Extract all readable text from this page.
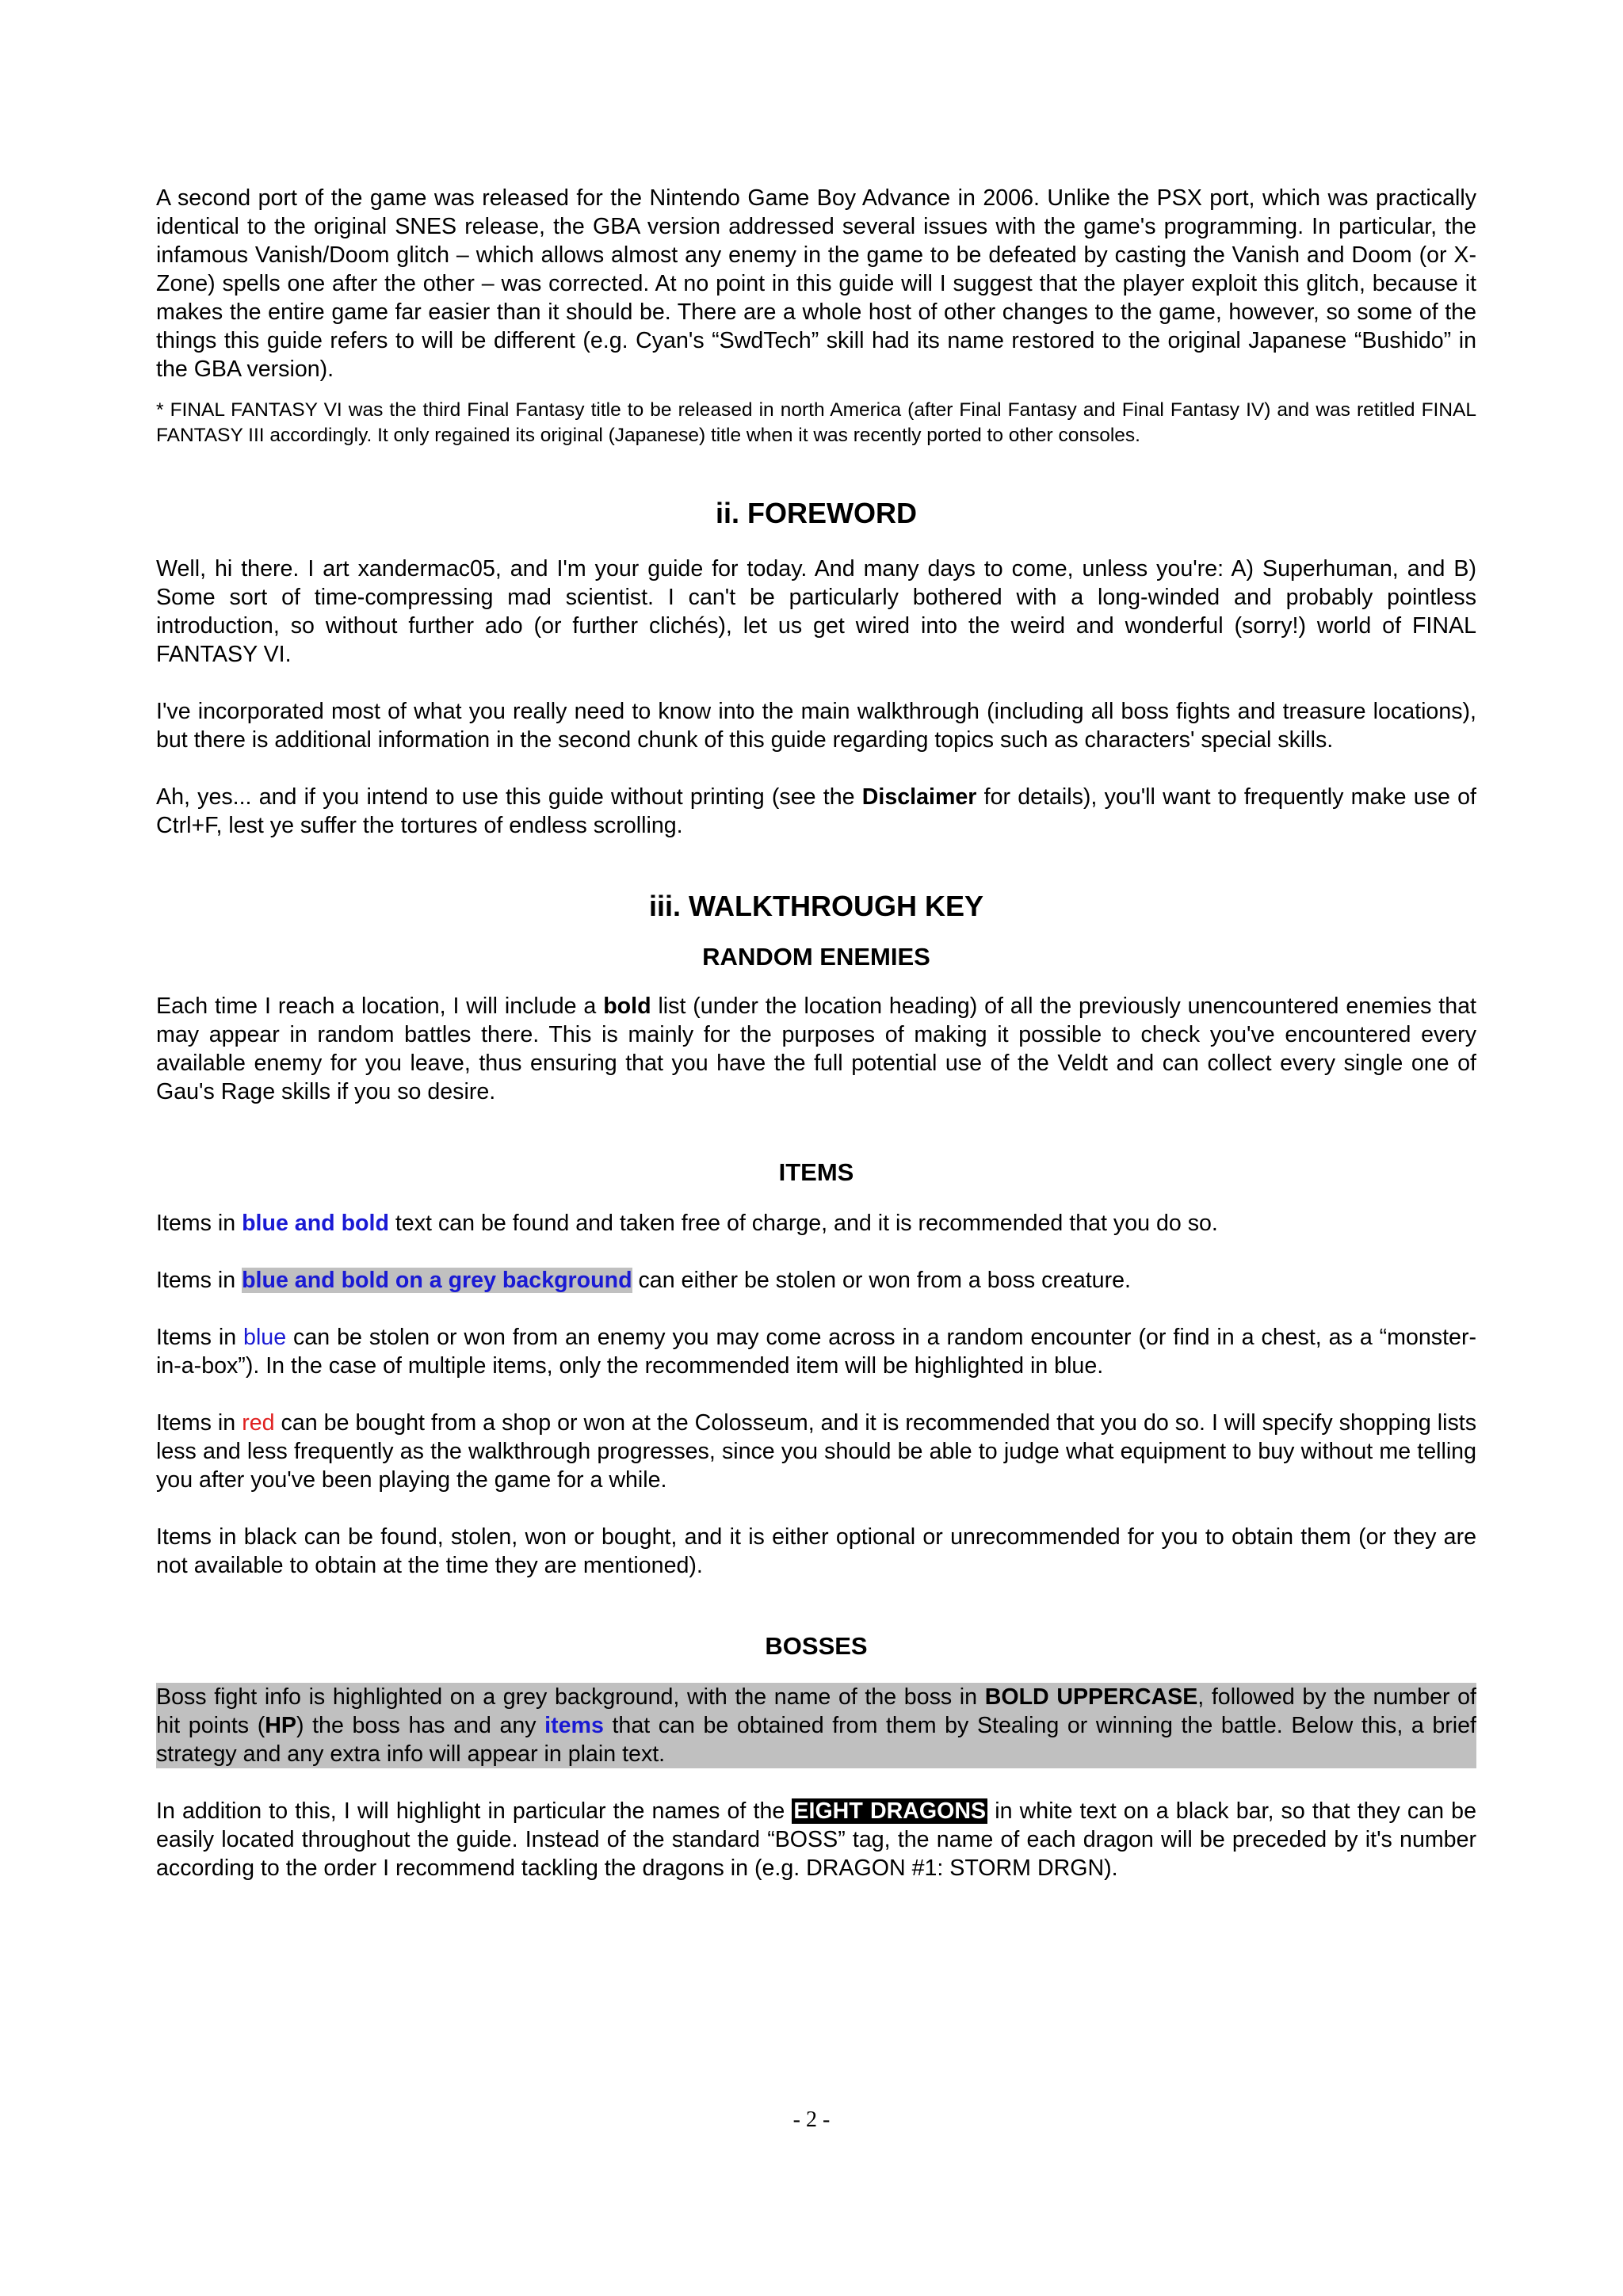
A second port of the game was released for the Nintendo Game Boy Advance in 2006. Unlike the PSX port, which was practically identical to the original SNES release, the GBA version addressed several issues with the game's programming. In particular, the infamous Vanish/Doom glitch – which allows almost any enemy in the game to be defeated by casting the Vanish and Doom (or X-Zone) spells one after the other – was corrected. At no point in this guide will I suggest that the player exploit this glitch, because it makes the entire game far easier than it should be. There are a whole host of other changes to the game, however, so some of the things this guide refers to will be different (e.g. Cyan's “SwdTech” skill had its name restored to the original Japanese “Bushido” in the GBA version).

* FINAL FANTASY VI was the third Final Fantasy title to be released in north America (after Final Fantasy and Final Fantasy IV) and was retitled FINAL FANTASY III accordingly. It only regained its original (Japanese) title when it was recently ported to other consoles.

ii. FOREWORD

Well, hi there. I art xandermac05, and I'm your guide for today. And many days to come, unless you're: A) Superhuman, and B) Some sort of time-compressing mad scientist. I can't be particularly bothered with a long-winded and probably pointless introduction, so without further ado (or further clichés), let us get wired into the weird and wonderful (sorry!) world of FINAL FANTASY VI.

I've incorporated most of what you really need to know into the main walkthrough (including all boss fights and treasure locations), but there is additional information in the second chunk of this guide regarding topics such as characters' special skills.

Ah, yes... and if you intend to use this guide without printing (see the Disclaimer for details), you'll want to frequently make use of Ctrl+F, lest ye suffer the tortures of endless scrolling.

iii. WALKTHROUGH KEY
RANDOM ENEMIES

Each time I reach a location, I will include a bold list (under the location heading) of all the previously unencountered enemies that may appear in random battles there. This is mainly for the purposes of making it possible to check you've encountered every available enemy for you leave, thus ensuring that you have the full potential use of the Veldt and can collect every single one of Gau's Rage skills if you so desire.

ITEMS

Items in blue and bold text can be found and taken free of charge, and it is recommended that you do so.

Items in blue and bold on a grey background can either be stolen or won from a boss creature.

Items in blue can be stolen or won from an enemy you may come across in a random encounter (or find in a chest, as a “monster-in-a-box”). In the case of multiple items, only the recommended item will be highlighted in blue.

Items in red can be bought from a shop or won at the Colosseum, and it is recommended that you do so. I will specify shopping lists less and less frequently as the walkthrough progresses, since you should be able to judge what equipment to buy without me telling you after you've been playing the game for a while.

Items in black can be found, stolen, won or bought, and it is either optional or unrecommended for you to obtain them (or they are not available to obtain at the time they are mentioned).

BOSSES

Boss fight info is highlighted on a grey background, with the name of the boss in BOLD UPPERCASE, followed by the number of hit points (HP) the boss has and any items that can be obtained from them by Stealing or winning the battle. Below this, a brief strategy and any extra info will appear in plain text.

In addition to this, I will highlight in particular the names of the EIGHT DRAGONS in white text on a black bar, so that they can be easily located throughout the guide. Instead of the standard “BOSS” tag, the name of each dragon will be preceded by it's number according to the order I recommend tackling the dragons in (e.g. DRAGON #1: STORM DRGN).

- 2 -
